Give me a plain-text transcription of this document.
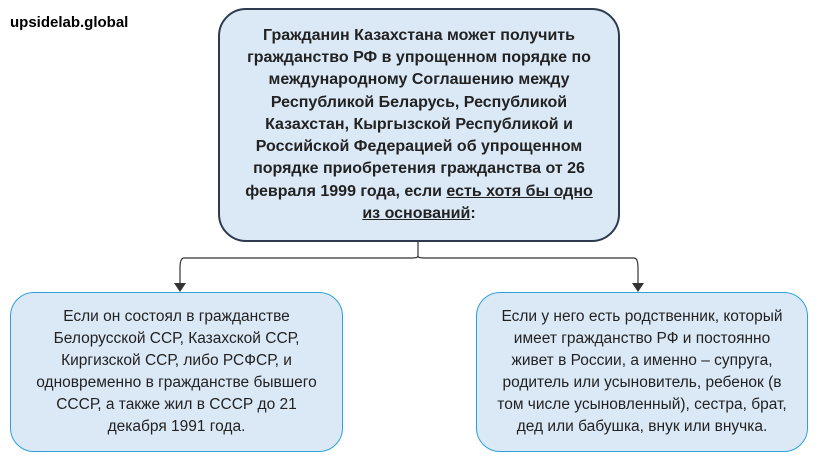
upsidelab.global
Гражданин Казахстана может получить гражданство РФ в упрощенном порядке по международному Соглашению между Республикой Беларусь, Республикой Казахстан, Кыргызской Республикой и Российской Федерацией об упрощенном порядке приобретения гражданства от 26 февраля 1999 года, если есть хотя бы одно из оснований:
Если он состоял в гражданстве Белорусской ССР, Казахской ССР, Киргизской ССР, либо РСФСР, и одновременно в гражданстве бывшего СССР, а также жил в СССР до 21 декабря 1991 года.
Если у него есть родственник, который имеет гражданство РФ и постоянно живет в России, а именно – супруга, родитель или усыновитель, ребенок (в том числе усыновленный), сестра, брат, дед или бабушка, внук или внучка.
